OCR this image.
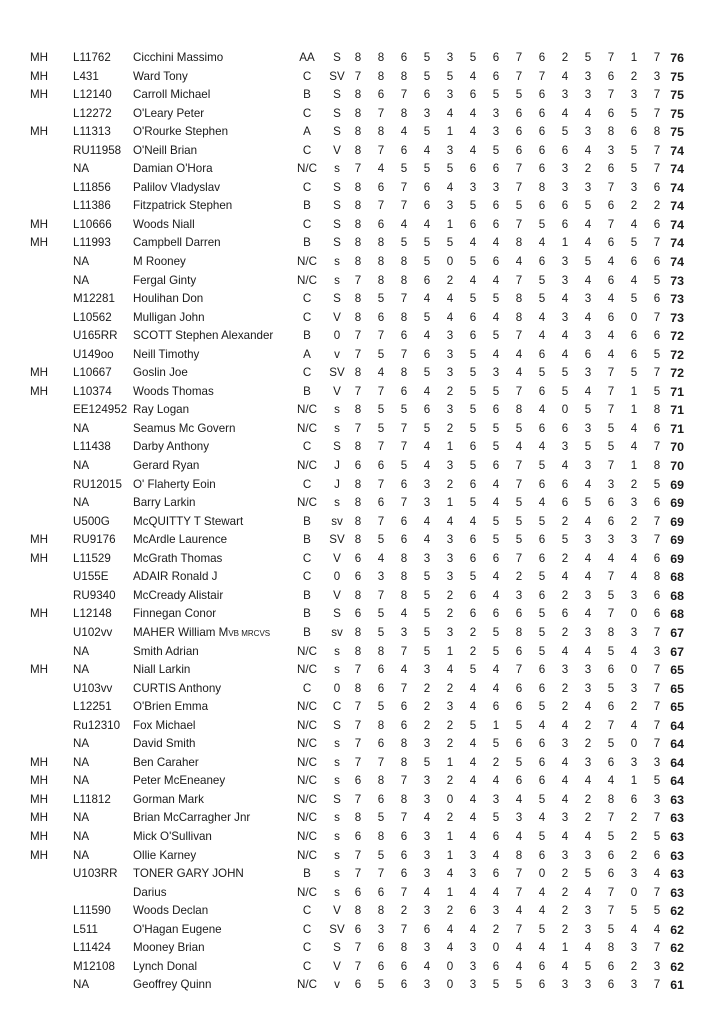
MH L11762 Cicchini Massimo	AA	S	8 8 6 5 3 5 6 7 6 2 5 7 1 7 76
MH L431	Ward Tony	C	SV 7 8 8 5 5 4 6 7 7 4 3 6 2 3 75
MH L12140 Carroll Michael	B	S	8 6 7 6 3 6 5 5 6 3 3 7 3 7 75
L12272 O'Leary Peter	C	S	8 7 8 3 4 4 3 6 6 4 4 6 5 7 75
MH L11313 O'Rourke Stephen	A	S	8 8 4 5 1 4 3 6 6 5 3 8 6 8 75
RU11958 O'Neill Brian	C	V	8 7 6 4 3 4 5 6 6 6 4 3 5 7 74
NA	Damian O'Hora	N/C	s	7 4 5 5 5 6 6 7 6 3 2 6 5 7 74
L11856 Palilov Vladyslav	C	S	8 6 7 6 4 3 3 7 8 3 3 7 3 6 74
L11386 Fitzpatrick Stephen	B	S	8 7 7 6 3 5 6 5 6 6 5 6 2 2 74
MH L10666 Woods Niall	C	S	8 6 4 4 1 6 6 7 5 6 4 7 4 6 74
MH L11993 Campbell Darren	B	S	8 8 5 5 5 4 4 8 4 1 4 6 5 7 74
NA	M Rooney	N/C	s	8 8 8 5 0 5 6 4 6 3 5 4 6 6 74
NA	Fergal Ginty	N/C	s	7 8 8 6 2 4 4 7 5 3 4 6 4 5 73
M12281 Houlihan Don	C	S	8 5 7 4 4 5 5 8 5 4 3 4 5 6 73
L10562 Mulligan John	C	V	8 6 8 5 4 6 4 8 4 3 4 6 0 7 73
U165RR SCOTT Stephen Alexander	B	0	7 7 6 4 3 6 5 7 4 4 3 4 6 6 72
U149oo Neill Timothy	A	v	7 5 7 6 3 5 4 4 6 4 6 4 6 5 72
MH L10667 Goslin Joe	C	SV 8 4 8 5 3 5 3 4 5 5 3 7 5 7 72
MH L10374 Woods Thomas	B	V	7 7 6 4 2 5 5 7 6 5 4 7 1 5 71
EE124952 Ray Logan	N/C	s	8 5 5 6 3 5 6 8 4 0 5 7 1 8 71
NA	Seamus Mc Govern	N/C	s	7 5 7 5 2 5 5 5 6 6 3 5 4 6 71
L11438 Darby Anthony	C	S	8 7 7 4 1 6 5 4 4 3 5 5 4 7 70
NA	Gerard Ryan	N/C	J	6 6 5 4 3 5 6 7 5 4 3 7 1 8 70
RU12015 O' Flaherty Eoin	C	J	8 7 6 3 2 6 4 7 6 6 4 3 2 5 69
NA	Barry Larkin	N/C	s	8 6 7 3 1 5 4 5 4 6 5 6 3 6 69
U500G McQUITTY T Stewart	B	sv	8 7 6 4 4 4 5 5 5 2 4 6 2 7 69
MH RU9176 McArdle Laurence	B	SV 8 5 6 4 3 6 5 5 6 5 3 3 3 7 69
MH L11529 McGrath Thomas	C	V	6 4 8 3 3 6 6 7 6 2 4 4 4 6 69
U155E ADAIR Ronald J	C	0	6 3 8 5 3 5 4 2 5 4 4 7 4 8 68
RU9340 McCready Alistair	B	V	8 7 8 5 2 6 4 3 6 2 3 5 3 6 68
MH L12148 Finnegan Conor	B	S	6 5 4 5 2 6 6 6 5 6 4 7 0 6 68
U102vv MAHER William MVB MRCVS	B	sv	8 5 3 5 3 2 5 8 5 2 3 8 3 7 67
NA	Smith Adrian	N/C	s	8 8 7 5 1 2 5 6 5 4 4 5 4 3 67
MH NA	Niall Larkin	N/C	s	7 6 4 3 4 5 4 7 6 3 3 6 0 7 65
U103vv CURTIS Anthony	C	0	8 6 7 2 2 4 4 6 6 2 3 5 3 7 65
L12251 O'Brien Emma	N/C	C	7 5 6 2 3 4 6 6 5 2 4 6 2 7 65
Ru12310 Fox Michael	N/C	S	7 8 6 2 2 5 1 5 4 4 2 7 4 7 64
NA	David Smith	N/C	s	7 6 8 3 2 4 5 6 6 3 2 5 0 7 64
MH NA	Ben Caraher	N/C	s	7 7 8 5 1 4 2 5 6 4 3 6 3 3 64
MH NA	Peter McEneaney	N/C	s	6 8 7 3 2 4 4 6 6 4 4 4 1 5 64
MH L11812 Gorman Mark	N/C	S	7 6 8 3 0 4 3 4 5 4 2 8 6 3 63
MH NA	Brian McCarragher Jnr	N/C	s	8 5 7 4 2 4 5 3 4 3 2 7 2 7 63
MH NA	Mick O'Sullivan	N/C	s	6 8 6 3 1 4 6 4 5 4 4 5 2 5 63
MH NA	Ollie Karney	N/C	s	7 5 6 3 1 3 4 8 6 3 3 6 2 6 63
U103RR TONER GARY JOHN	B	s	7 7 6 3 4 3 6 7 0 2 5 6 3 4 63
Darius	N/C	s	6 6 7 4 1 4 4 7 4 2 4 7 0 7 63
L11590 Woods Declan	C	V	8 8 2 3 2 6 3 4 4 2 3 7 5 5 62
L511	O'Hagan Eugene	C	SV 6 3 7 6 4 4 2 7 5 2 3 5 4 4 62
L11424 Mooney Brian	C	S	7 6 8 3 4 3 0 4 4 1 4 8 3 7 62
M12108 Lynch Donal	C	V	7 6 6 4 0 3 6 4 6 4 5 6 2 3 62
NA	Geoffrey Quinn	N/C	v	6 5 6 3 0 3 5 5 6 3 3 6 3 7 61
